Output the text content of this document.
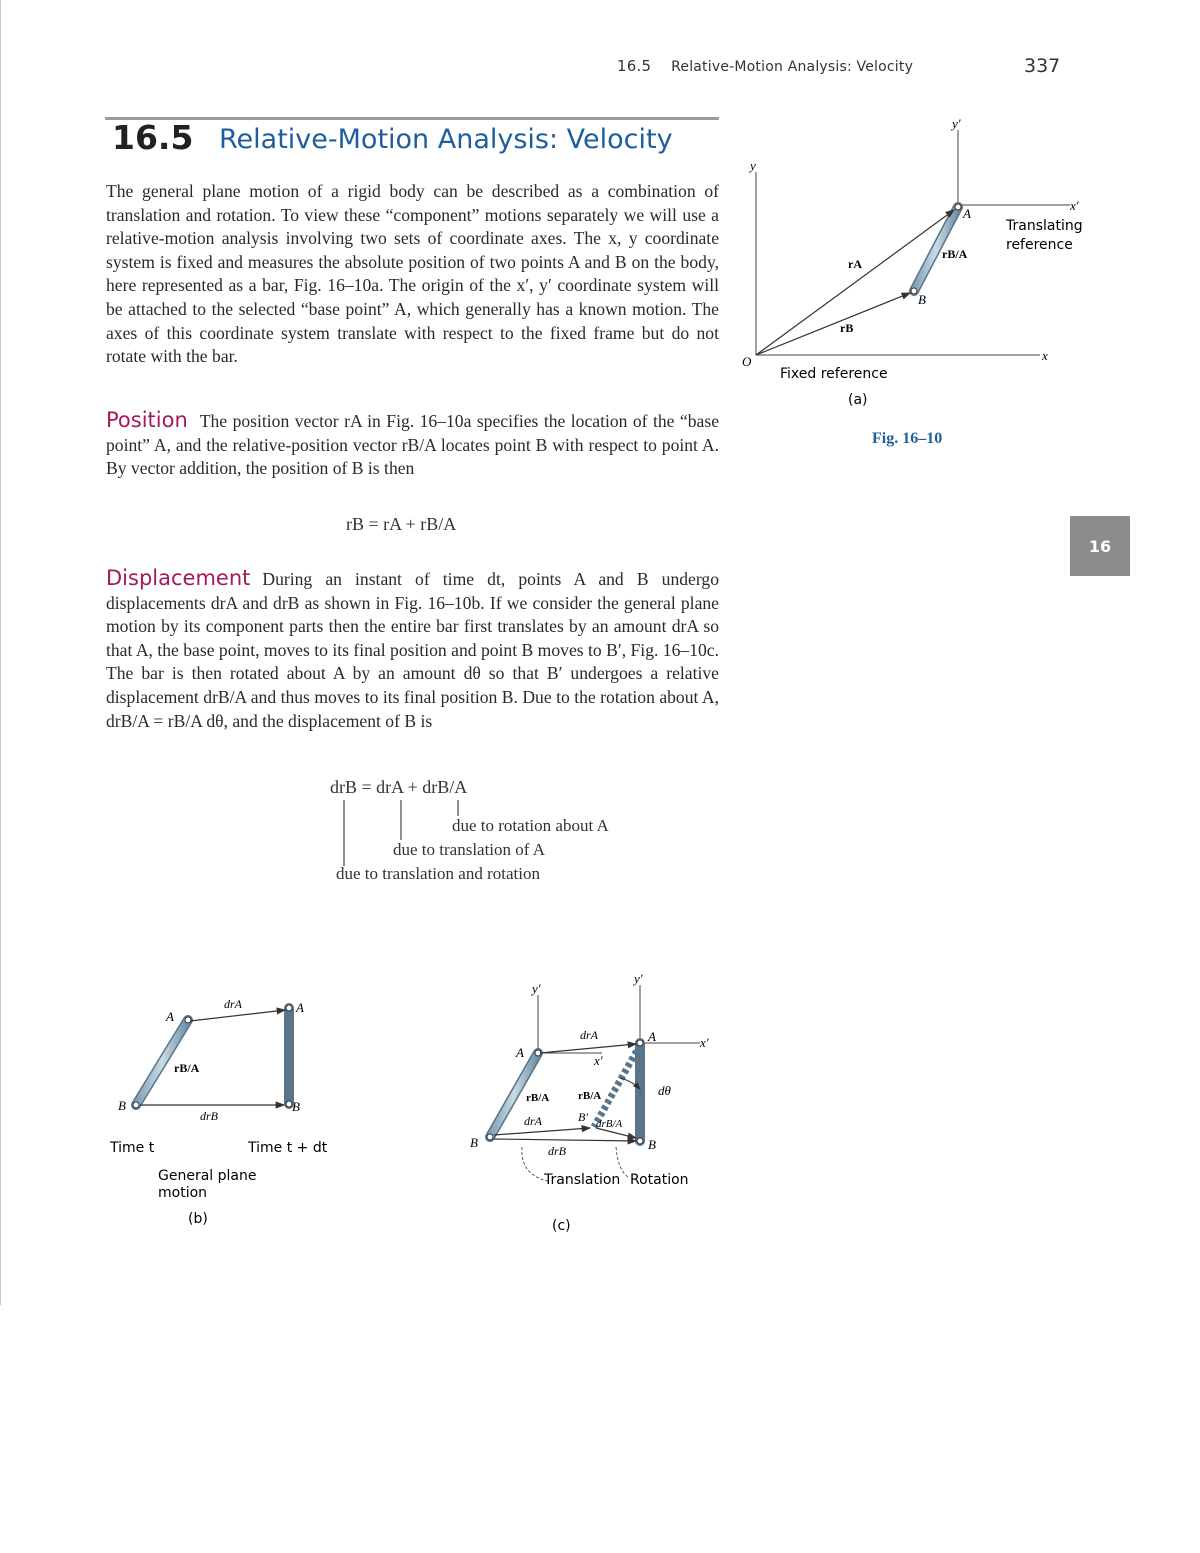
16.5 Relative-Motion Analysis: Velocity	337
16.5 Relative-Motion Analysis: Velocity
The general plane motion of a rigid body can be described as a combination of translation and rotation. To view these “component” motions separately we will use a relative-motion analysis involving two sets of coordinate axes. The x, y coordinate system is fixed and measures the absolute position of two points A and B on the body, here represented as a bar, Fig. 16–10a. The origin of the x′, y′ coordinate system will be attached to the selected “base point” A, which generally has a known motion. The axes of this coordinate system translate with respect to the fixed frame but do not rotate with the bar.
Position The position vector rA in Fig. 16–10a specifies the location of the “base point” A, and the relative-position vector rB/A locates point B with respect to point A. By vector addition, the position of B is then
rB = rA + rB/A
Displacement During an instant of time dt, points A and B undergo displacements drA and drB as shown in Fig. 16–10b. If we consider the general plane motion by its component parts then the entire bar first translates by an amount drA so that A, the base point, moves to its final position and point B moves to B′, Fig. 16–10c. The bar is then rotated about A by an amount dθ so that B′ undergoes a relative displacement drB/A and thus moves to its final position B. Due to the rotation about A, drB/A = rB/A dθ, and the displacement of B is
drB = drA + drB/A
due to rotation about A
due to translation of A
due to translation and rotation
16
Fig. 16–10
y
x
y′
x′
O
A
B
rA
rB
rB/A
Translating
reference
Fixed reference
(a)
A
B
A
B
drA
drB
rB/A
Time t	Time t + dt
General plane
motion
(b)
y′
y′
x′
x′
A
A
B	B
B′
drA
drA
drB
rB/A	rB/A
drB/A
dθ
Translation Rotation
(c)
